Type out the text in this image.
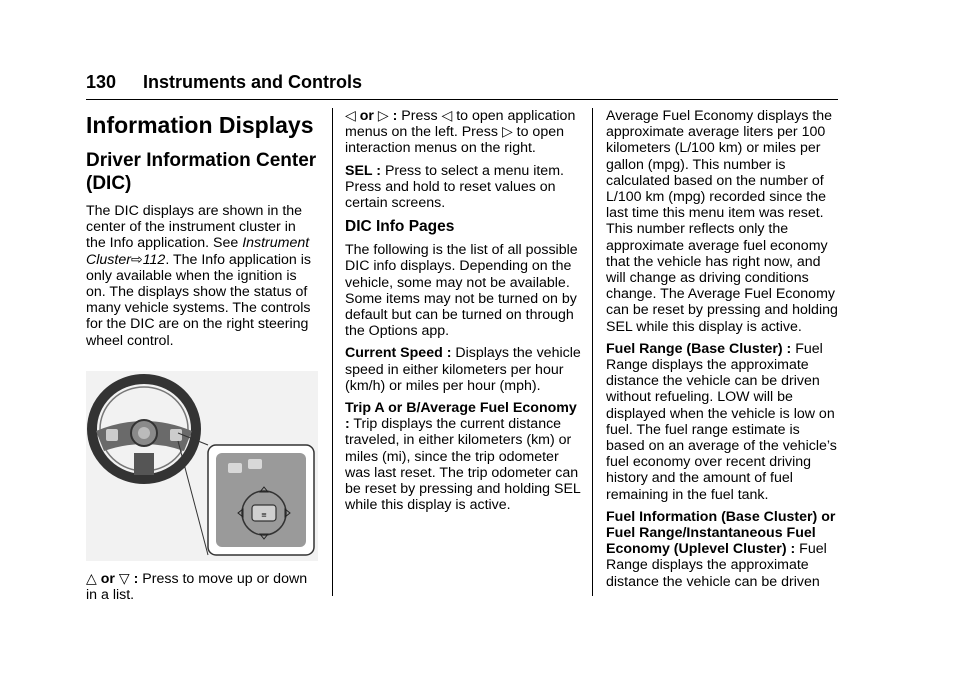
130 Instruments and Controls
Information Displays
Driver Information Center (DIC)

The DIC displays are shown in the center of the instrument cluster in the Info application. See Instrument Cluster⇨112. The Info application is only available when the ignition is on. The displays show the status of many vehicle systems. The controls for the DIC are on the right steering wheel control.

≡

△ or ▽ : Press to move up or down in a list.

◁ or ▷ : Press ◁ to open application menus on the left. Press ▷ to open interaction menus on the right.

SEL : Press to select a menu item. Press and hold to reset values on certain screens.

DIC Info Pages

The following is the list of all possible DIC info displays. Depending on the vehicle, some may not be available. Some items may not be turned on by default but can be turned on through the Options app.

Current Speed : Displays the vehicle speed in either kilometers per hour (km/h) or miles per hour (mph).

Trip A or B/Average Fuel Economy : Trip displays the current distance traveled, in either kilometers (km) or miles (mi), since the trip odometer was last reset. The trip odometer can be reset by pressing and holding SEL while this display is active.

Average Fuel Economy displays the approximate average liters per 100 kilometers (L/100 km) or miles per gallon (mpg). This number is calculated based on the number of L/100 km (mpg) recorded since the last time this menu item was reset. This number reflects only the approximate average fuel economy that the vehicle has right now, and will change as driving conditions change. The Average Fuel Economy can be reset by pressing and holding SEL while this display is active.

Fuel Range (Base Cluster) : Fuel Range displays the approximate distance the vehicle can be driven without refueling. LOW will be displayed when the vehicle is low on fuel. The fuel range estimate is based on an average of the vehicle’s fuel economy over recent driving history and the amount of fuel remaining in the fuel tank.

Fuel Information (Base Cluster) or Fuel Range/Instantaneous Fuel Economy (Uplevel Cluster) : Fuel Range displays the approximate distance the vehicle can be driven
